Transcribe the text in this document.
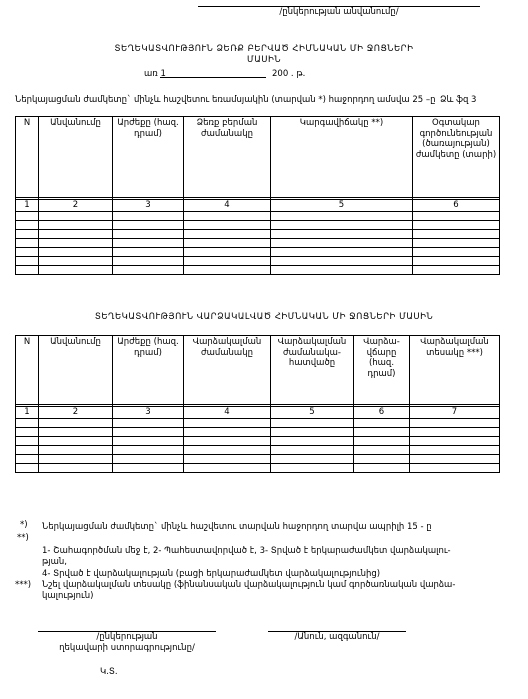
/ընկերության անվանումը/
ՏԵՂԵԿԱՏՎՈՒԹՅՈՒՆ ՁԵՌՔ ԲԵՐՎԱԾ ՀԻՄՆԱԿԱՆ ՄԻ ՋՈՑՆԵՐԻ
ՄԱՍԻՆ
առ 1	200 . թ.
Ներկայացման ժամկետը` մինչև հաշվետու եռամսյակին (տարվան *) հաջորդող ամսվա 25 –ը Ձև ֆզ 3
N	Անվանումը	Արժեքը (հազ. դրամ)	Ձեռք բերման ժամանակը	Կարգավիճակը **)	Օգտակար գործունեության (ծառայության) ժամկետը (տարի)

1	2	3	4	5	6

ՏԵՂԵԿԱՏՎՈՒԹՅՈՒՆ ՎԱՐՁԱԿԱԼՎԱԾ ՀԻՄՆԱԿԱՆ ՄԻ ՋՈՑՆԵՐԻ ՄԱՍԻՆ
N	Անվանումը	Արժեքը (հազ. դրամ)	Վարձակալման ժամանակը	Վարձակալման ժամանակա-հատվածը	Վարձա-վճարը (հազ. դրամ)	Վարձակալման տեսակը ***)

1	2	3	4	5	6	7

*) Ներկայացման ժամկետը` մինչև հաշվետու տարվան հաջորդող տարվա ապրիլի 15 - ը
**)
1- Շահագործման մեջ է, 2- Պահեստավորված է, 3- Տրված է երկարաժամկետ վարձակալու-
թյան,
4- Տրված է վարձակալության (բացի երկարաժամկետ վարձակալությունից)
***) Նշել վարձակալման տեսակը (ֆինանսական վարձակալություն կամ գործառնական վարձա-
կալություն)
/ընկերության
ղեկավարի ստորագրությունը/
/Անուն, ազգանուն/
Կ.Տ.
